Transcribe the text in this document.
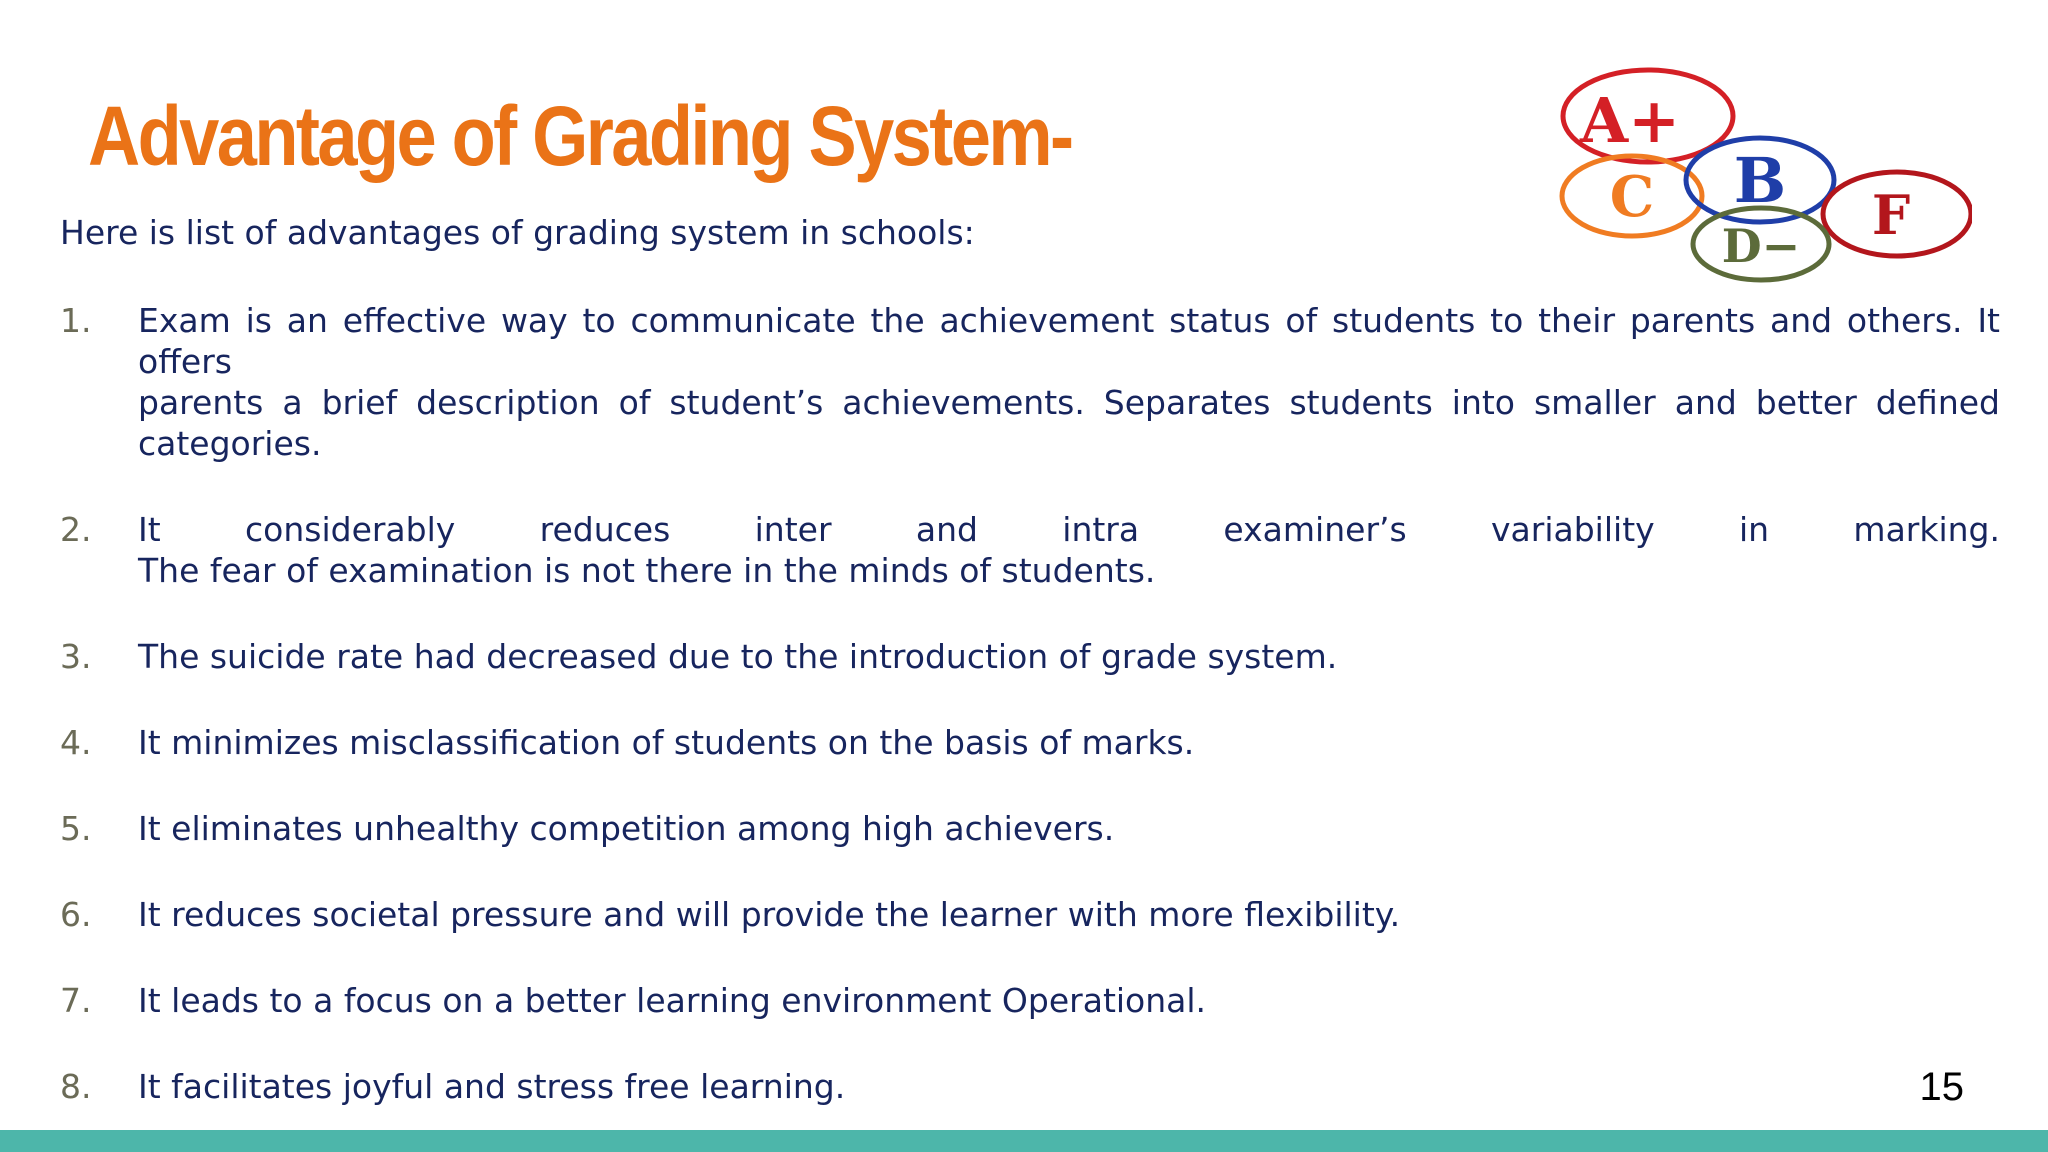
Advantage of Grading System-	A+
C B F
D−
Here is list of advantages of grading system in schools:
1.	Exam is an effective way to communicate the achievement status of students to their parents and others. It offers
parents a brief description of student’s achievements. Separates students into smaller and better defined categories.
2.	It considerably reduces inter and intra examiner’s variability in marking.
The fear of examination is not there in the minds of students.
3.	The suicide rate had decreased due to the introduction of grade system.
4.	It minimizes misclassification of students on the basis of marks.
5.	It eliminates unhealthy competition among high achievers.
6.	It reduces societal pressure and will provide the learner with more flexibility.
7.	It leads to a focus on a better learning environment Operational.
8.	It facilitates joyful and stress free learning.	15
